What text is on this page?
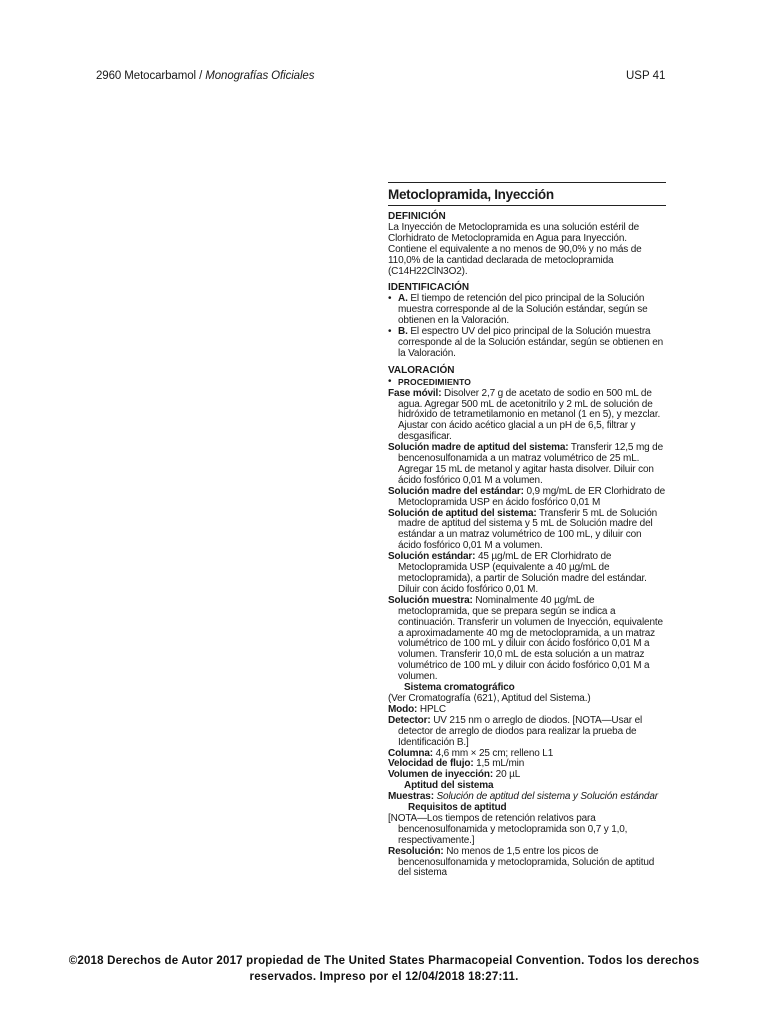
2960 Metocarbamol / Monografías Oficiales	USP 41
Metoclopramida, Inyección
DEFINICIÓN
La Inyección de Metoclopramida es una solución estéril de Clorhidrato de Metoclopramida en Agua para Inyección. Contiene el equivalente a no menos de 90,0% y no más de 110,0% de la cantidad declarada de metoclopramida (C14H22ClN3O2).
IDENTIFICACIÓN
• A. El tiempo de retención del pico principal de la Solución muestra corresponde al de la Solución estándar, según se obtienen en la Valoración.
• B. El espectro UV del pico principal de la Solución muestra corresponde al de la Solución estándar, según se obtienen en la Valoración.
VALORACIÓN
• PROCEDIMIENTO
Fase móvil: Disolver 2,7 g de acetato de sodio en 500 mL de agua. Agregar 500 mL de acetonitrilo y 2 mL de solución de hidróxido de tetrametilamonio en metanol (1 en 5), y mezclar. Ajustar con ácido acético glacial a un pH de 6,5, filtrar y desgasificar.
Solución madre de aptitud del sistema: Transferir 12,5 mg de bencenosulfonamida a un matraz volumétrico de 25 mL. Agregar 15 mL de metanol y agitar hasta disolver. Diluir con ácido fosfórico 0,01 M a volumen.
Solución madre del estándar: 0,9 mg/mL de ER Clorhidrato de Metoclopramida USP en ácido fosfórico 0,01 M
Solución de aptitud del sistema: Transferir 5 mL de Solución madre de aptitud del sistema y 5 mL de Solución madre del estándar a un matraz volumétrico de 100 mL, y diluir con ácido fosfórico 0,01 M a volumen.
Solución estándar: 45 µg/mL de ER Clorhidrato de Metoclopramida USP (equivalente a 40 µg/mL de metoclopramida), a partir de Solución madre del estándar. Diluir con ácido fosfórico 0,01 M.
Solución muestra: Nominalmente 40 µg/mL de metoclopramida, que se prepara según se indica a continuación. Transferir un volumen de Inyección, equivalente a aproximadamente 40 mg de metoclopramida, a un matraz volumétrico de 100 mL y diluir con ácido fosfórico 0,01 M a volumen. Transferir 10,0 mL de esta solución a un matraz volumétrico de 100 mL y diluir con ácido fosfórico 0,01 M a volumen.
Sistema cromatográfico
(Ver Cromatografía ⟨621⟩, Aptitud del Sistema.)
Modo: HPLC
Detector: UV 215 nm o arreglo de diodos. [NOTA—Usar el detector de arreglo de diodos para realizar la prueba de Identificación B.]
Columna: 4,6 mm × 25 cm; relleno L1
Velocidad de flujo: 1,5 mL/min
Volumen de inyección: 20 µL
Aptitud del sistema
Muestras: Solución de aptitud del sistema y Solución estándar
Requisitos de aptitud
[NOTA—Los tiempos de retención relativos para bencenosulfonamida y metoclopramida son 0,7 y 1,0, respectivamente.]
Resolución: No menos de 1,5 entre los picos de bencenosulfonamida y metoclopramida, Solución de aptitud del sistema
©2018 Derechos de Autor 2017 propiedad de The United States Pharmacopeial Convention. Todos los derechos
reservados. Impreso por el 12/04/2018 18:27:11.
